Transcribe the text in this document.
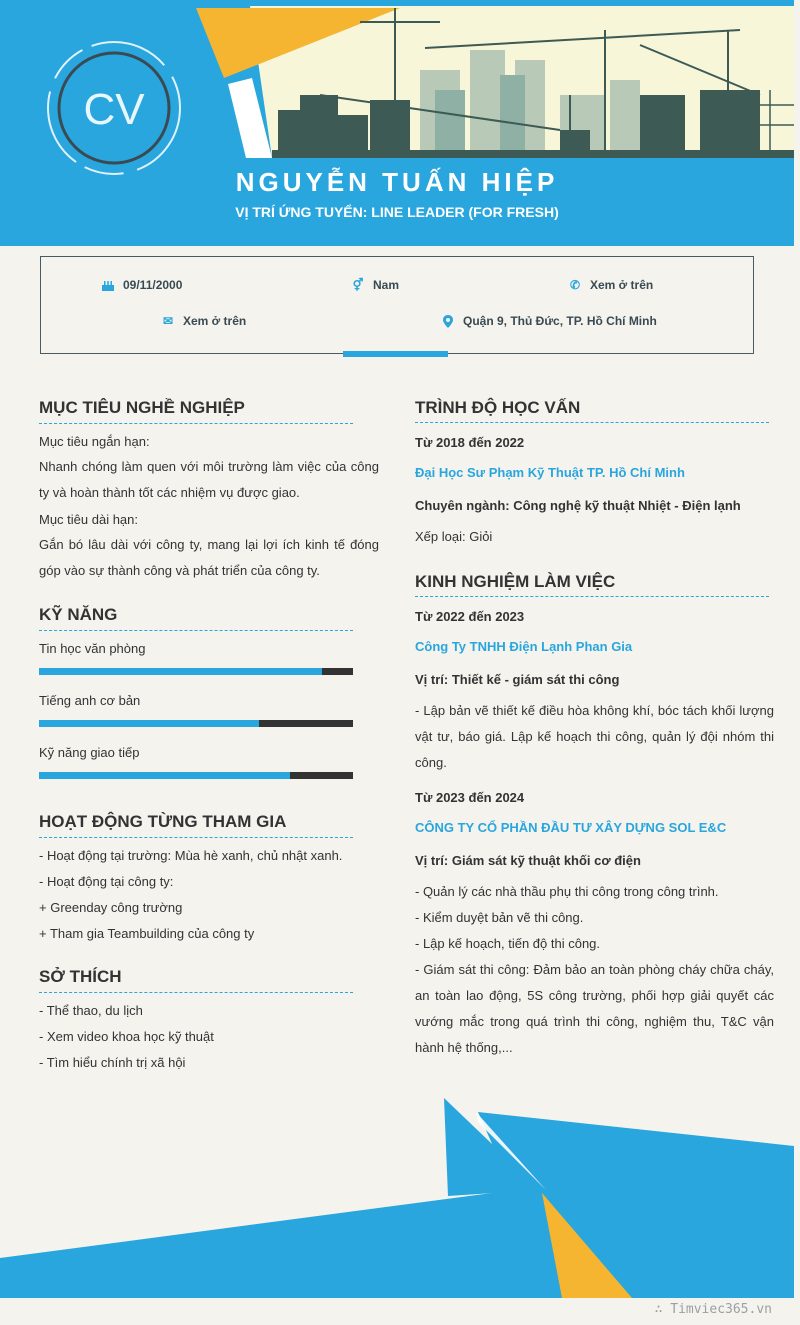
CV
NGUYỄN TUẤN HIỆP
VỊ TRÍ ỨNG TUYỂN: LINE LEADER (FOR FRESH)
09/11/2000	⚥ Nam	✆ Xem ở trên
✉ Xem ở trên	Quận 9, Thủ Đức, TP. Hồ Chí Minh
MỤC TIÊU NGHỀ NGHIỆP
Mục tiêu ngắn hạn:
Nhanh chóng làm quen với môi trường làm việc của công ty và hoàn thành tốt các nhiệm vụ được giao.
Mục tiêu dài hạn:
Gắn bó lâu dài với công ty, mang lại lợi ích kinh tế đóng góp vào sự thành công và phát triển của công ty.
KỸ NĂNG
Tin học văn phòng
Tiếng anh cơ bản
Kỹ năng giao tiếp
HOẠT ĐỘNG TỪNG THAM GIA
- Hoạt động tại trường: Mùa hè xanh, chủ nhật xanh.
- Hoạt động tại công ty:
+ Greenday công trường
+ Tham gia Teambuilding của công ty
SỞ THÍCH
- Thể thao, du lịch
- Xem video khoa học kỹ thuật
- Tìm hiểu chính trị xã hội
TRÌNH ĐỘ HỌC VẤN
Từ 2018 đến 2022
Đại Học Sư Phạm Kỹ Thuật TP. Hồ Chí Minh
Chuyên ngành: Công nghệ kỹ thuật Nhiệt - Điện lạnh
Xếp loại: Giỏi
KINH NGHIỆM LÀM VIỆC
Từ 2022 đến 2023
Công Ty TNHH Điện Lạnh Phan Gia
Vị trí: Thiết kế - giám sát thi công
- Lập bản vẽ thiết kế điều hòa không khí, bóc tách khối lượng vật tư, báo giá. Lập kế hoạch thi công, quản lý đội nhóm thi công.
Từ 2023 đến 2024
CÔNG TY CỔ PHẦN ĐẦU TƯ XÂY DỰNG SOL E&C
Vị trí: Giám sát kỹ thuật khối cơ điện
- Quản lý các nhà thầu phụ thi công trong công trình.
- Kiểm duyệt bản vẽ thi công.
- Lập kế hoạch, tiến độ thi công.
- Giám sát thi công: Đảm bảo an toàn phòng cháy chữa cháy, an toàn lao động, 5S công trường, phối hợp giải quyết các vướng mắc trong quá trình thi công, nghiệm thu, T&C vận hành hệ thống,...
∴ Timviec365.vn
